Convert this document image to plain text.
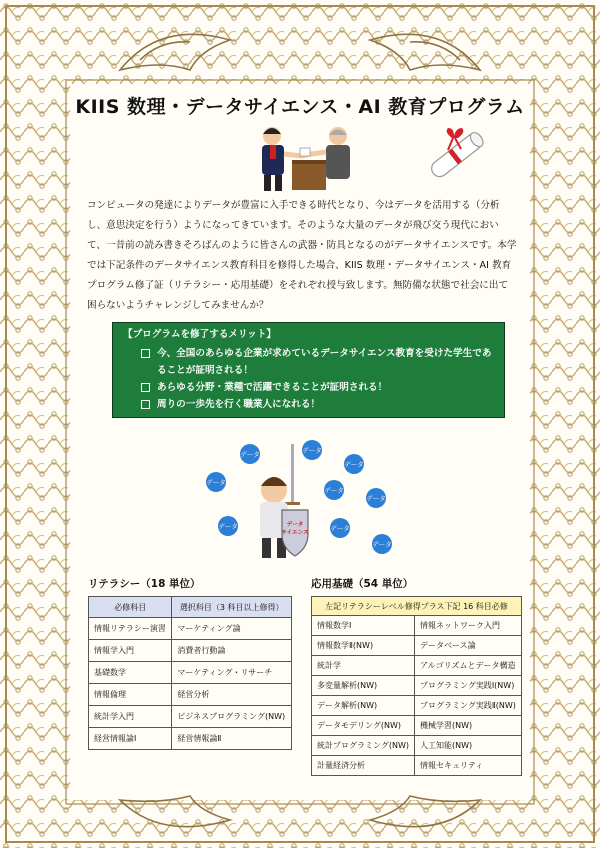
KIIS 数理・データサイエンス・AI 教育プログラム
コンピュータの発達によりデータが豊富に入手できる時代となり、今はデータを活用する（分析し、意思決定を行う）ようになってきています。そのような大量のデータが飛び交う現代において、一昔前の読み書きそろばんのように皆さんの武器・防具となるのがデータサイエンスです。本学では下記条件のデータサイエンス教育科目を修得した場合、KIIS 数理・データサイエンス・AI 教育プログラム修了証（リテラシー・応用基礎）をそれぞれ授与致します。無防備な状態で社会に出て困らないようチャレンジしてみませんか？
【プログラムを修了するメリット】
今、全国のあらゆる企業が求めているデータサイエンス教育を受けた学生であることが証明される！
あらゆる分野・業種で活躍できることが証明される！
周りの一歩先を行く職業人になれる！
データ	データ
データ
データ
データ
データ
データ	データ
データ
データ
サイエンス
リテラシー（18 単位）
必修科目	選択科目（3 科目以上修得）
情報リテラシー演習	マーケティング論
情報学入門	消費者行動論
基礎数学	マーケティング・リサーチ
情報倫理	経営分析
統計学入門	ビジネスプログラミング(NW)
経営情報論Ⅰ	経営情報論Ⅱ
応用基礎（54 単位）
左記リテラシーレベル修得プラス下記 16 科目必修	
情報数学Ⅰ	情報ネットワーク入門
情報数学Ⅱ(NW)	データベース論
統計学	アルゴリズムとデータ構造
多変量解析(NW)	プログラミング実践Ⅰ(NW)
データ解析(NW)	プログラミング実践Ⅱ(NW)
データモデリング(NW)	機械学習(NW)
統計プログラミング(NW)	人工知能(NW)
計量経済分析	情報セキュリティ
